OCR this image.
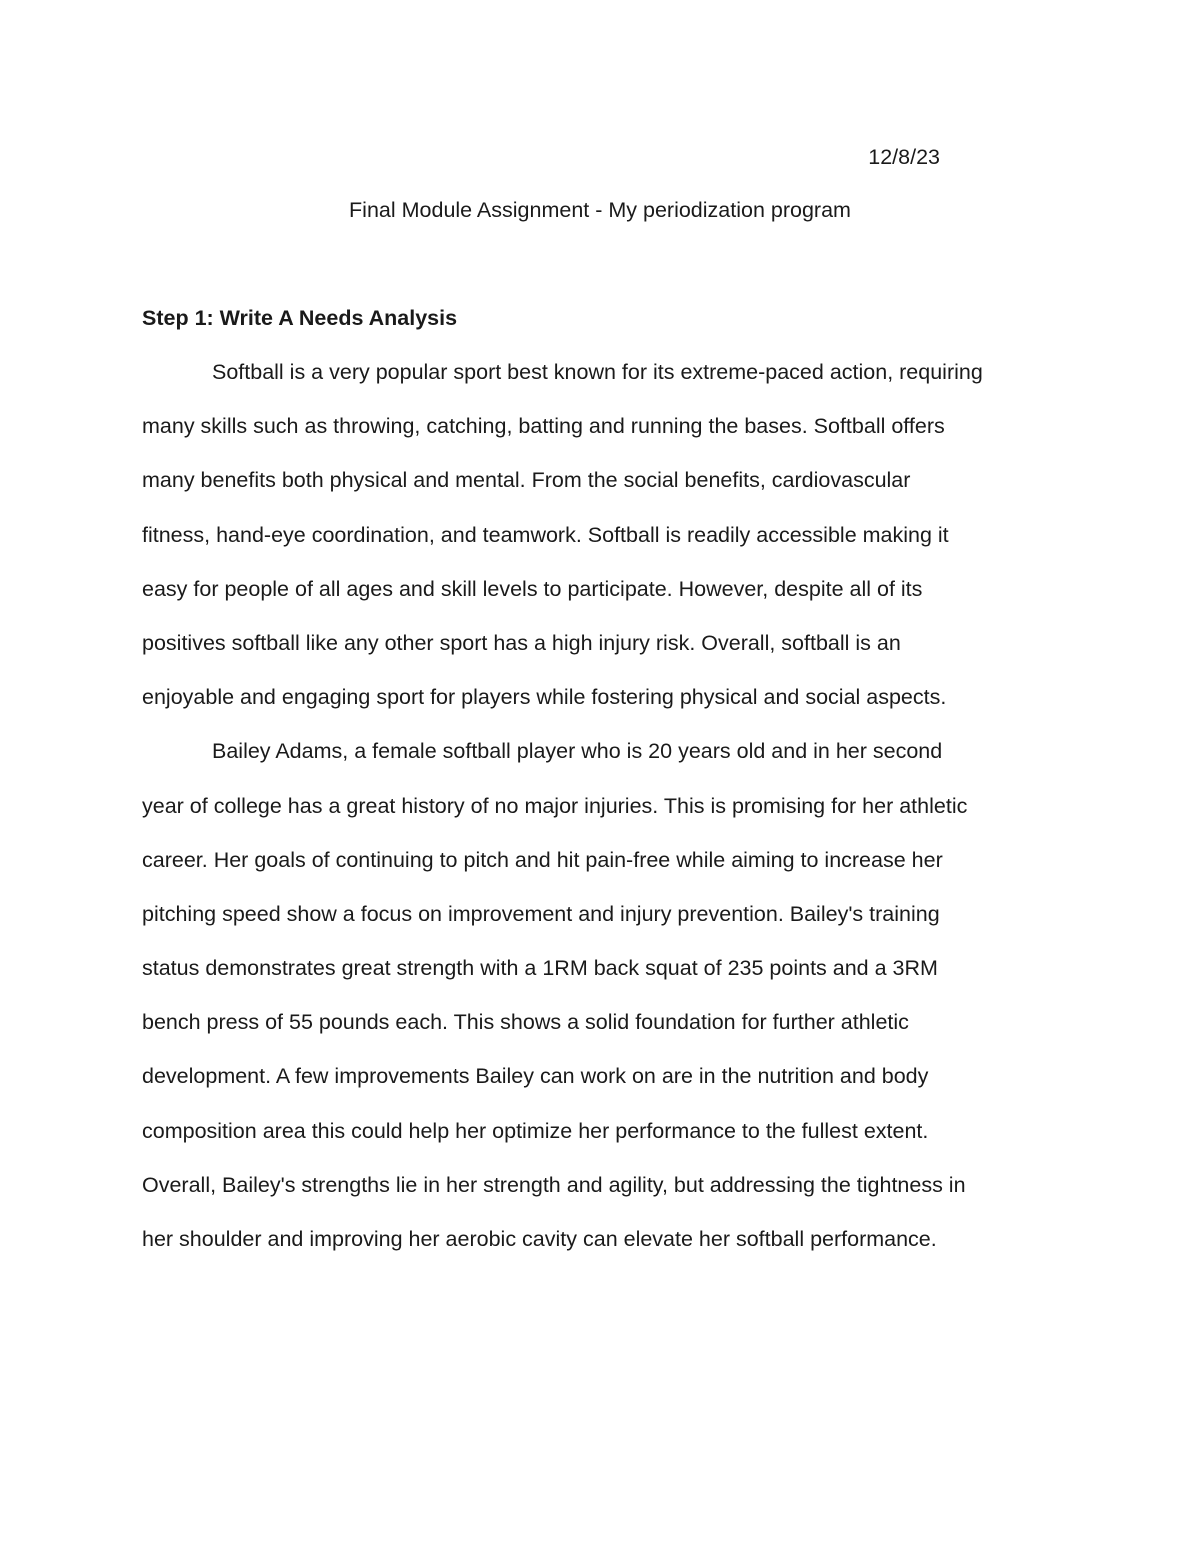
12/8/23
Final Module Assignment - My periodization program
Step 1: Write A Needs Analysis
Softball is a very popular sport best known for its extreme-paced action, requiring
many skills such as throwing, catching, batting and running the bases. Softball offers
many benefits both physical and mental. From the social benefits, cardiovascular
fitness, hand-eye coordination, and teamwork. Softball is readily accessible making it
easy for people of all ages and skill levels to participate. However, despite all of its
positives softball like any other sport has a high injury risk. Overall, softball is an
enjoyable and engaging sport for players while fostering physical and social aspects.
Bailey Adams, a female softball player who is 20 years old and in her second
year of college has a great history of no major injuries. This is promising for her athletic
career. Her goals of continuing to pitch and hit pain-free while aiming to increase her
pitching speed show a focus on improvement and injury prevention. Bailey's training
status demonstrates great strength with a 1RM back squat of 235 points and a 3RM
bench press of 55 pounds each. This shows a solid foundation for further athletic
development. A few improvements Bailey can work on are in the nutrition and body
composition area this could help her optimize her performance to the fullest extent.
Overall, Bailey's strengths lie in her strength and agility, but addressing the tightness in
her shoulder and improving her aerobic cavity can elevate her softball performance.
